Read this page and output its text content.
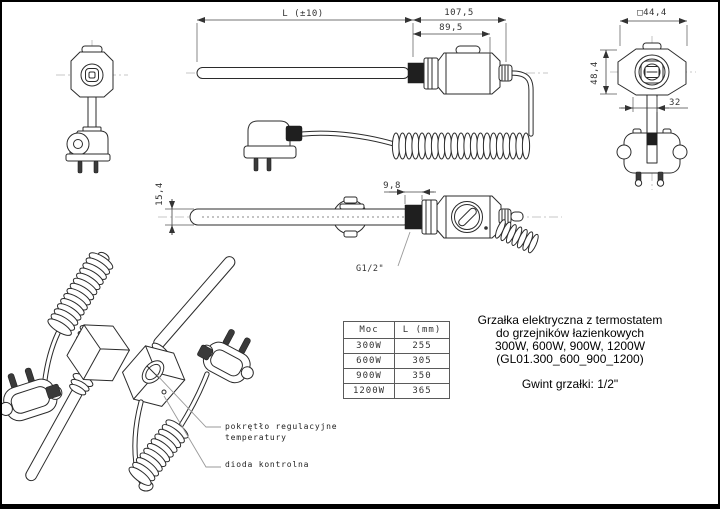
L (±10)	107,5
89,5
□44,4
48,4
32
15,4	9,8
G1/2"
pokrętło regulacyjne temperatury
dioda kontrolna
Moc	L (mm)
300W	255
600W	305
900W	350
1200W	365
Grzałka elektryczna z termostatem
do grzejników łazienkowych
300W, 600W, 900W, 1200W
(GL01.300_600_900_1200)
Gwint grzałki: 1/2"
